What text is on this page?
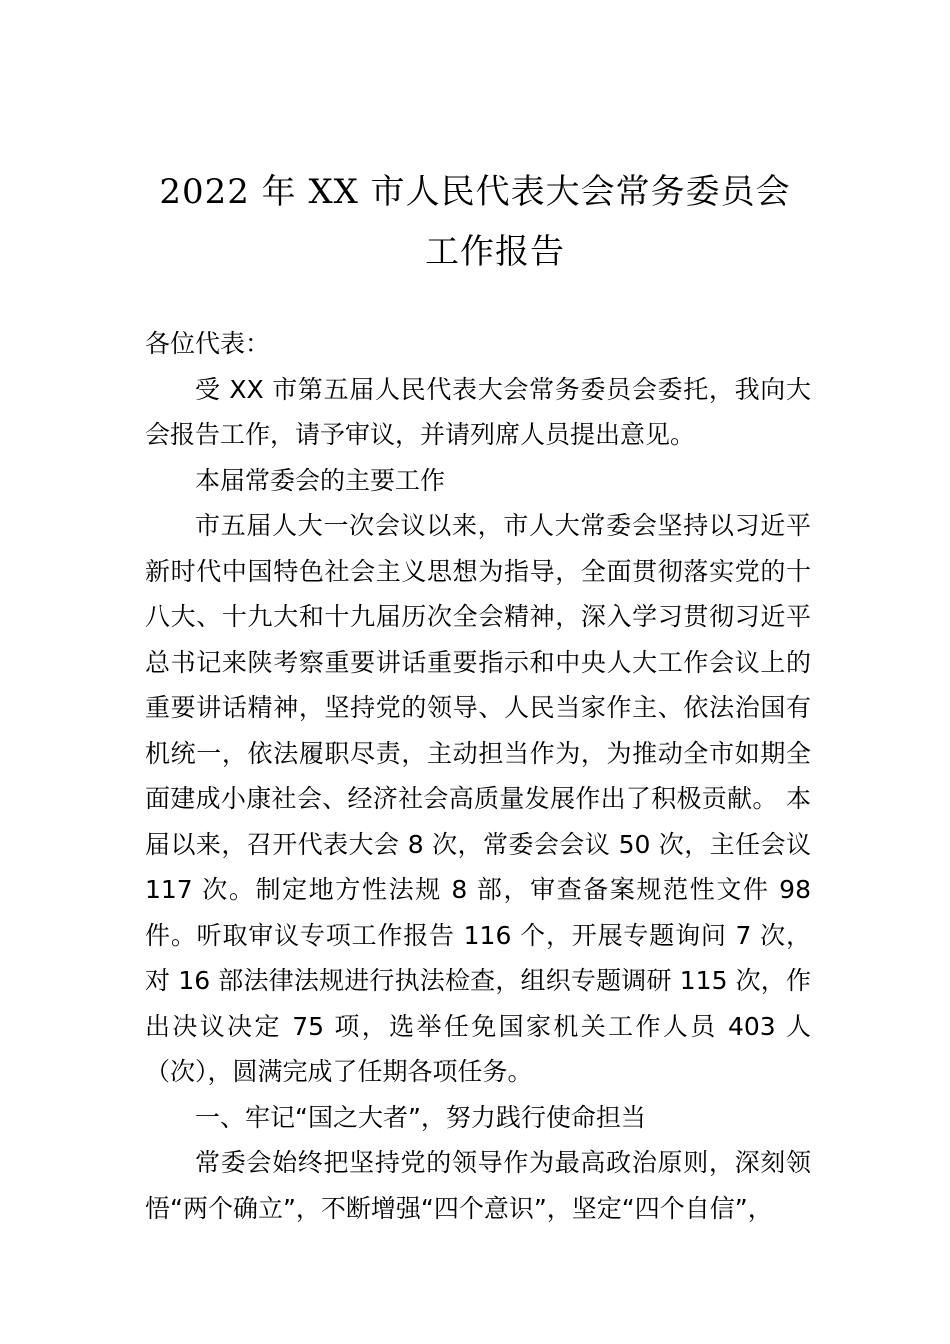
2022 年 XX 市人民代表大会常务委员会
工作报告

各位代表：

受 XX 市第五届人民代表大会常务委员会委托，我向大会报告工作，请予审议，并请列席人员提出意见。

本届常委会的主要工作

市五届人大一次会议以来，市人大常委会坚持以习近平新时代中国特色社会主义思想为指导，全面贯彻落实党的十八大、十九大和十九届历次全会精神，深入学习贯彻习近平总书记来陕考察重要讲话重要指示和中央人大工作会议上的重要讲话精神，坚持党的领导、人民当家作主、依法治国有机统一，依法履职尽责，主动担当作为，为推动全市如期全面建成小康社会、经济社会高质量发展作出了积极贡献。 本届以来，召开代表大会 8 次，常委会会议 50 次，主任会议 117 次。制定地方性法规 8 部，审查备案规范性文件 98 件。听取审议专项工作报告 116 个，开展专题询问 7 次，对 16 部法律法规进行执法检查，组织专题调研 115 次，作出决议决定 75 项，选举任免国家机关工作人员 403 人（次），圆满完成了任期各项任务。

一、牢记“国之大者”，努力践行使命担当

常委会始终把坚持党的领导作为最高政治原则，深刻领悟“两个确立”，不断增强“四个意识”，坚定“四个自信”，
